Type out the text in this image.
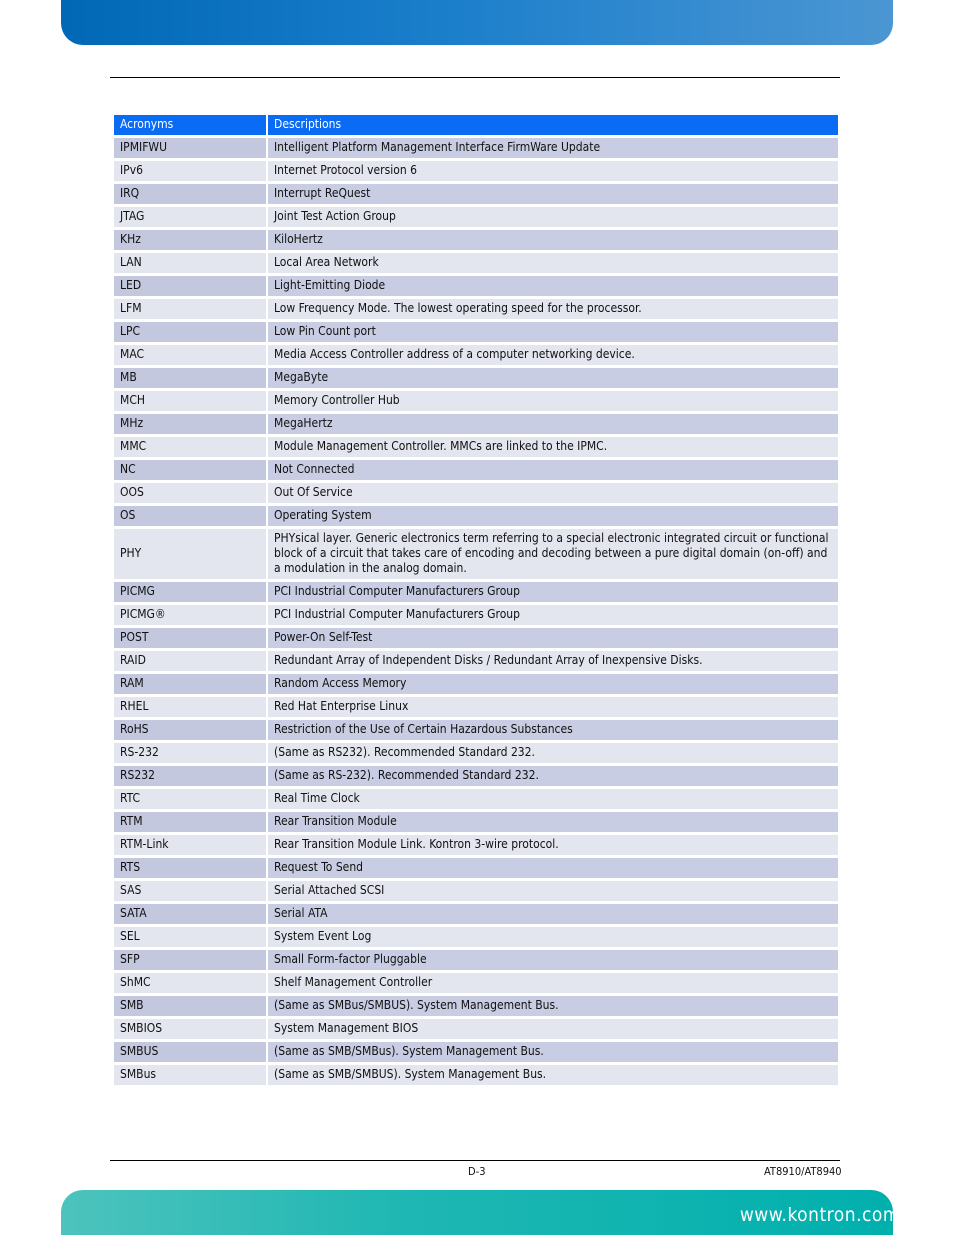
Acronyms	Descriptions
IPMIFWU	Intelligent Platform Management Interface FirmWare Update
IPv6	Internet Protocol version 6
IRQ	Interrupt ReQuest
JTAG	Joint Test Action Group
KHz	KiloHertz
LAN	Local Area Network
LED	Light-Emitting Diode
LFM	Low Frequency Mode. The lowest operating speed for the processor.
LPC	Low Pin Count port
MAC	Media Access Controller address of a computer networking device.
MB	MegaByte
MCH	Memory Controller Hub
MHz	MegaHertz
MMC	Module Management Controller. MMCs are linked to the IPMC.
NC	Not Connected
OOS	Out Of Service
OS	Operating System
PHY	PHYsical layer. Generic electronics term referring to a special electronic integrated circuit or functional block of a circuit that takes care of encoding and decoding between a pure digital domain (on-off) and a modulation in the analog domain.
PICMG	PCI Industrial Computer Manufacturers Group
PICMG®	PCI Industrial Computer Manufacturers Group
POST	Power-On Self-Test
RAID	Redundant Array of Independent Disks / Redundant Array of Inexpensive Disks.
RAM	Random Access Memory
RHEL	Red Hat Enterprise Linux
RoHS	Restriction of the Use of Certain Hazardous Substances
RS-232	(Same as RS232). Recommended Standard 232.
RS232	(Same as RS-232). Recommended Standard 232.
RTC	Real Time Clock
RTM	Rear Transition Module
RTM-Link	Rear Transition Module Link. Kontron 3-wire protocol.
RTS	Request To Send
SAS	Serial Attached SCSI
SATA	Serial ATA
SEL	System Event Log
SFP	Small Form-factor Pluggable
ShMC	Shelf Management Controller
SMB	(Same as SMBus/SMBUS). System Management Bus.
SMBIOS	System Management BIOS
SMBUS	(Same as SMB/SMBus). System Management Bus.
SMBus	(Same as SMB/SMBUS). System Management Bus.
D-3	AT8910/AT8940
www.kontron.com
